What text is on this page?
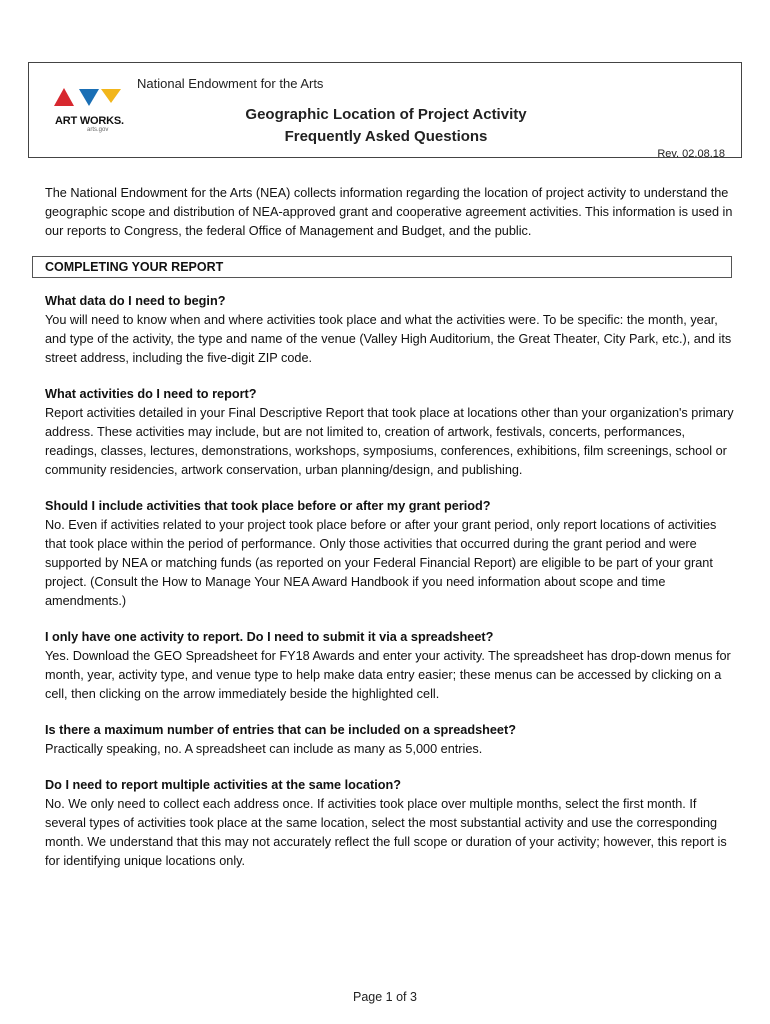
ART WORKS.
arts.gov
National Endowment for the Arts
Geographic Location of Project Activity
Frequently Asked Questions
Rev. 02.08.18

The National Endowment for the Arts (NEA) collects information regarding the location of project activity to understand the geographic scope and distribution of NEA-approved grant and cooperative agreement activities. This information is used in our reports to Congress, the federal Office of Management and Budget, and the public.

COMPLETING YOUR REPORT
What data do I need to begin?

You will need to know when and where activities took place and what the activities were. To be specific: the month, year, and type of the activity, the type and name of the venue (Valley High Auditorium, the Great Theater, City Park, etc.), and its street address, including the five-digit ZIP code.

What activities do I need to report?

Report activities detailed in your Final Descriptive Report that took place at locations other than your organization's primary address. These activities may include, but are not limited to, creation of artwork, festivals, concerts, performances, readings, classes, lectures, demonstrations, workshops, symposiums, conferences, exhibitions, film screenings, school or community residencies, artwork conservation, urban planning/design, and publishing.

Should I include activities that took place before or after my grant period?

No. Even if activities related to your project took place before or after your grant period, only report locations of activities that took place within the period of performance. Only those activities that occurred during the grant period and were supported by NEA or matching funds (as reported on your Federal Financial Report) are eligible to be part of your grant project. (Consult the How to Manage Your NEA Award Handbook if you need information about scope and time amendments.)

I only have one activity to report. Do I need to submit it via a spreadsheet?

Yes. Download the GEO Spreadsheet for FY18 Awards and enter your activity. The spreadsheet has drop-down menus for month, year, activity type, and venue type to help make data entry easier; these menus can be accessed by clicking on a cell, then clicking on the arrow immediately beside the highlighted cell.

Is there a maximum number of entries that can be included on a spreadsheet?

Practically speaking, no. A spreadsheet can include as many as 5,000 entries.

Do I need to report multiple activities at the same location?

No. We only need to collect each address once. If activities took place over multiple months, select the first month. If several types of activities took place at the same location, select the most substantial activity and use the corresponding month. We understand that this may not accurately reflect the full scope or duration of your activity; however, this report is for identifying unique locations only.

Page 1 of 3
